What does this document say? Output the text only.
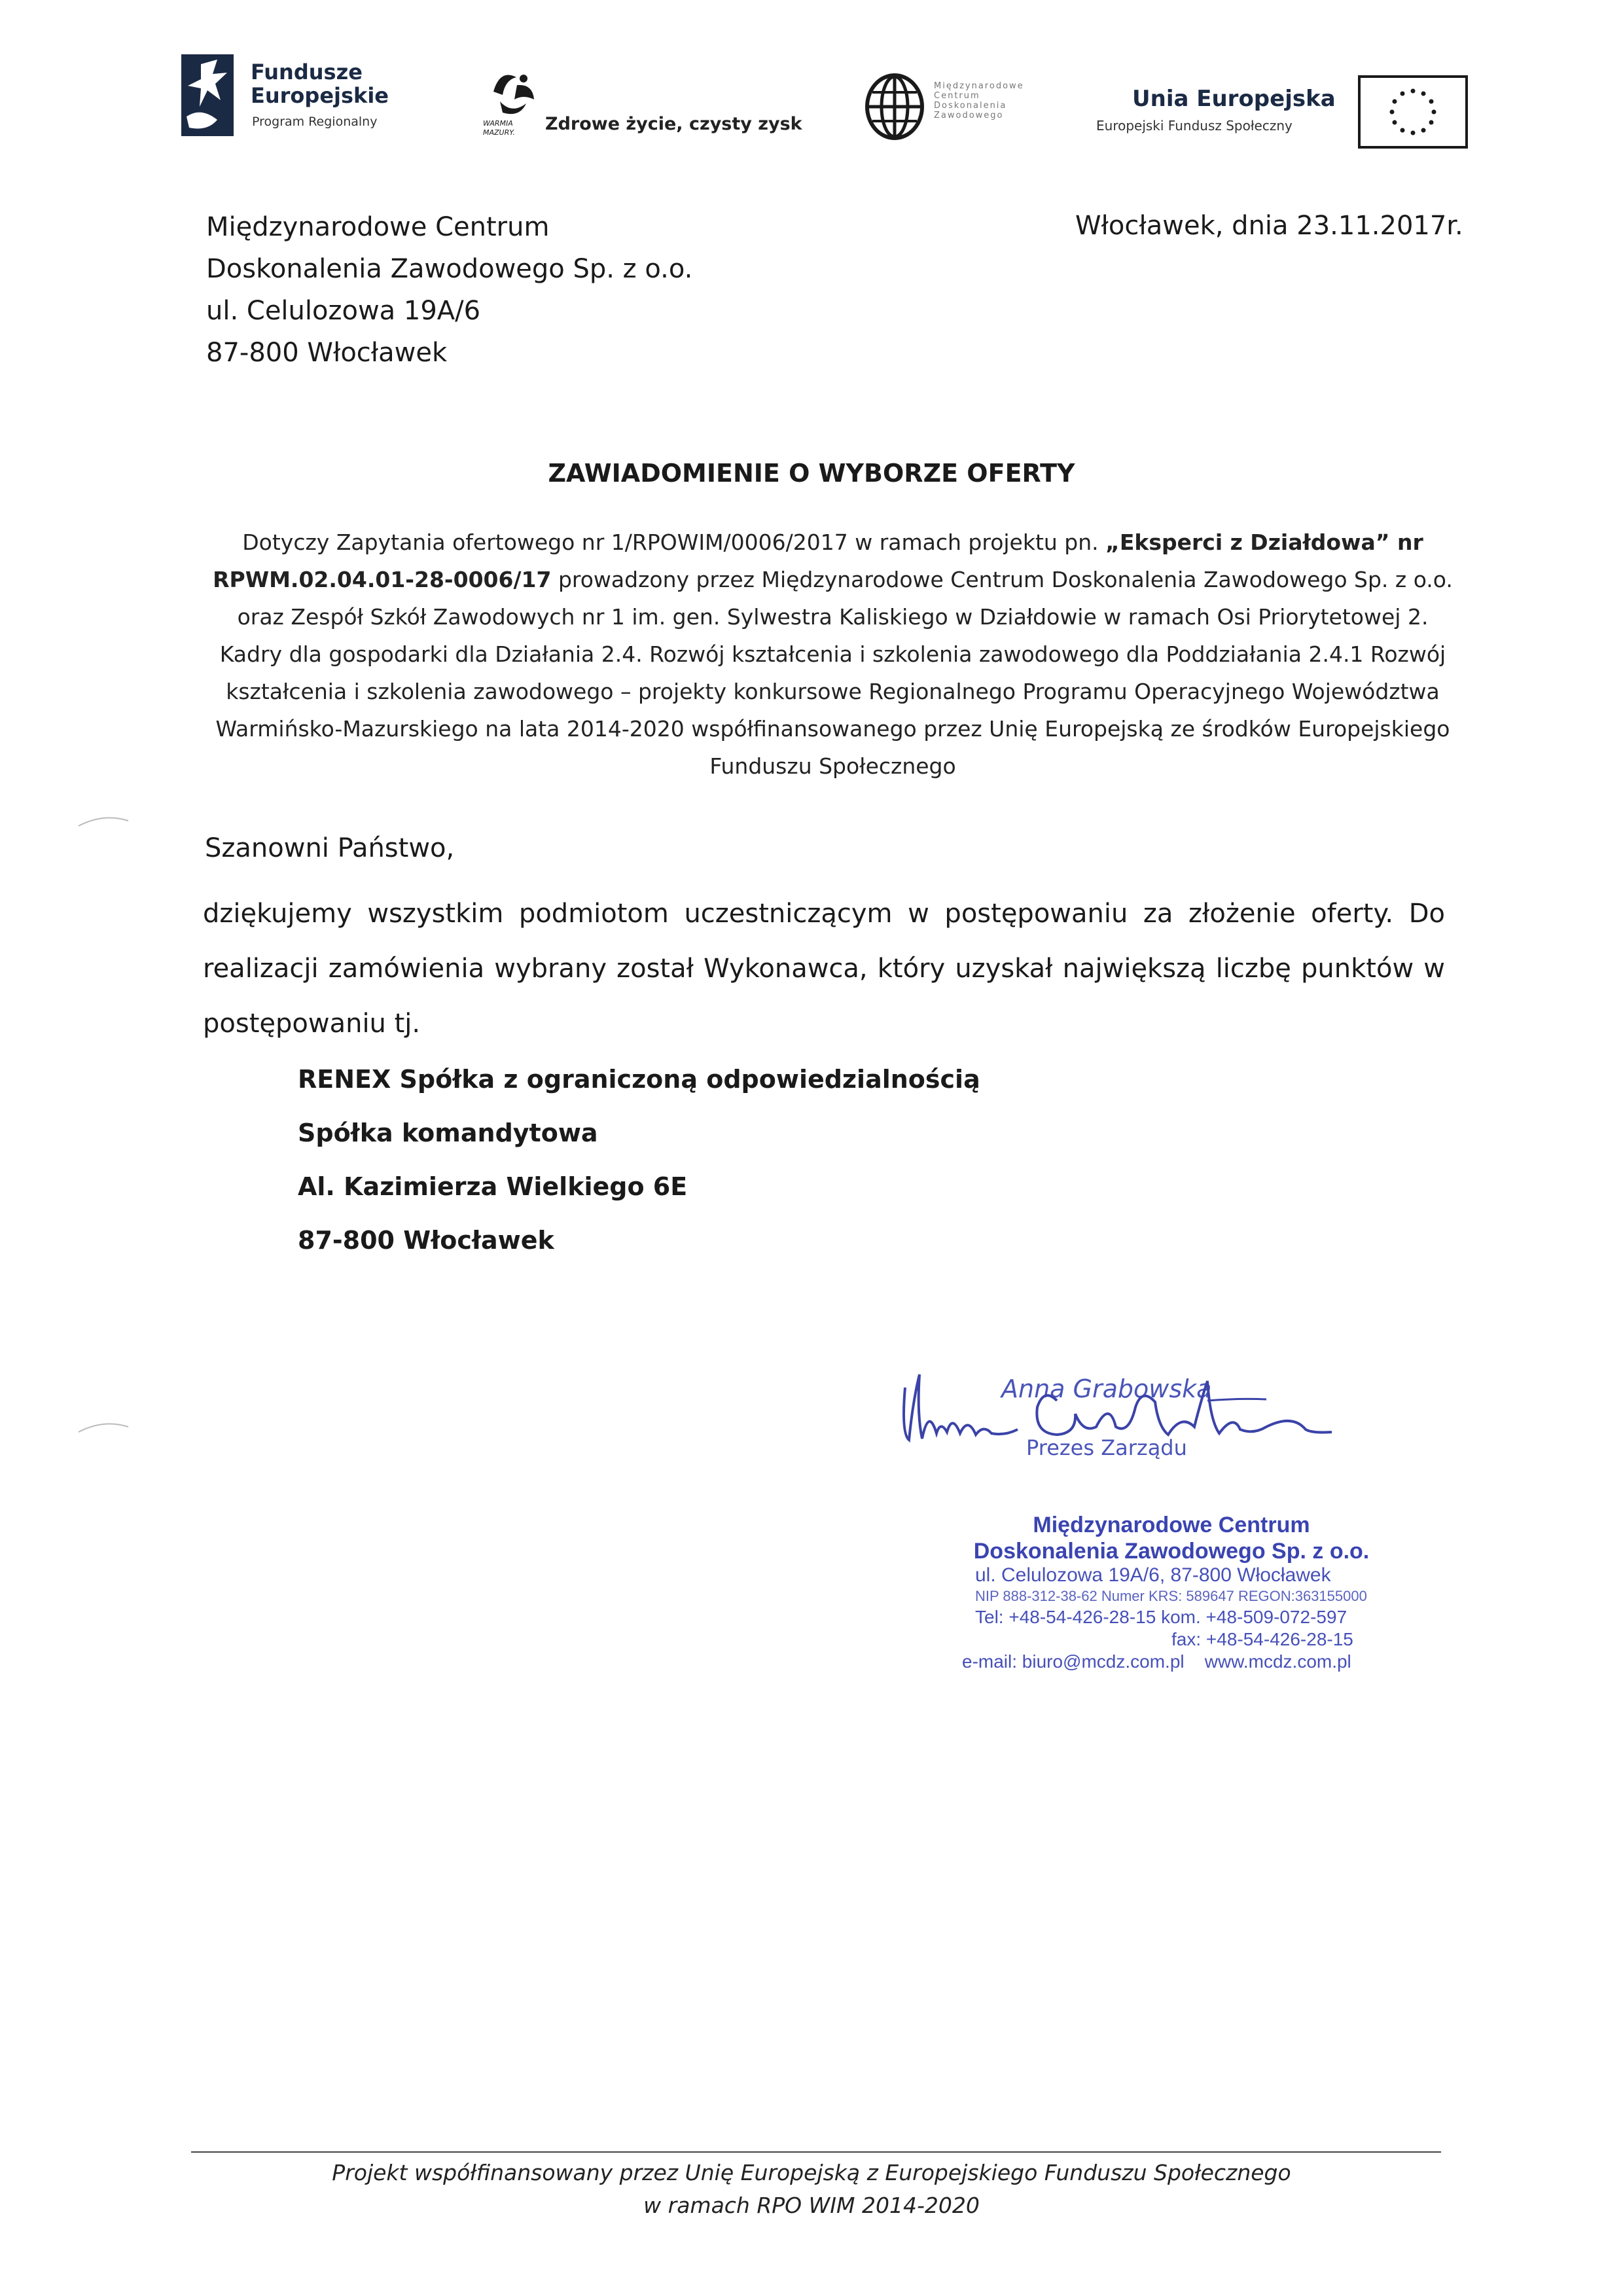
Fundusze
Europejskie
Program Regionalny	WARMIA
MAZURY. Zdrowe życie, czysty zysk
Międzynarodowe
Centrum
Doskonalenia
Zawodowego
Unia Europejska
Europejski Fundusz Społeczny
Międzynarodowe Centrum
Doskonalenia Zawodowego Sp. z o.o.
ul. Celulozowa 19A/6
87-800 Włocławek
Włocławek, dnia 23.11.2017r.
ZAWIADOMIENIE O WYBORZE OFERTY
Dotyczy Zapytania ofertowego nr 1/RPOWIM/0006/2017 w ramach projektu pn. „Eksperci z Działdowa” nr RPWM.02.04.01-28-0006/17 prowadzony przez Międzynarodowe Centrum Doskonalenia Zawodowego Sp. z o.o. oraz Zespół Szkół Zawodowych nr 1 im. gen. Sylwestra Kaliskiego w Działdowie w ramach Osi Priorytetowej 2. Kadry dla gospodarki dla Działania 2.4. Rozwój kształcenia i szkolenia zawodowego dla Poddziałania 2.4.1 Rozwój kształcenia i szkolenia zawodowego – projekty konkursowe Regionalnego Programu Operacyjnego Województwa Warmińsko-Mazurskiego na lata 2014-2020 współfinansowanego przez Unię Europejską ze środków Europejskiego Funduszu Społecznego
Szanowni Państwo,
dziękujemy wszystkim podmiotom uczestniczącym w postępowaniu za złożenie oferty. Do realizacji zamówienia wybrany został Wykonawca, który uzyskał największą liczbę punktów w postępowaniu tj.
RENEX Spółka z ograniczoną odpowiedzialnością
Spółka komandytowa
Al. Kazimierza Wielkiego 6E
87-800 Włocławek
Anna Grabowska
Prezes Zarządu
Międzynarodowe Centrum
Doskonalenia Zawodowego Sp. z o.o.
ul. Celulozowa 19A/6, 87-800 Włocławek
NIP 888-312-38-62 Numer KRS: 589647 REGON:363155000
Tel: +48-54-426-28-15 kom. +48-509-072-597
fax: +48-54-426-28-15
e-mail: biuro@mcdz.com.pl    www.mcdz.com.pl
Projekt współfinansowany przez Unię Europejską z Europejskiego Funduszu Społecznego
w ramach RPO WIM 2014-2020
